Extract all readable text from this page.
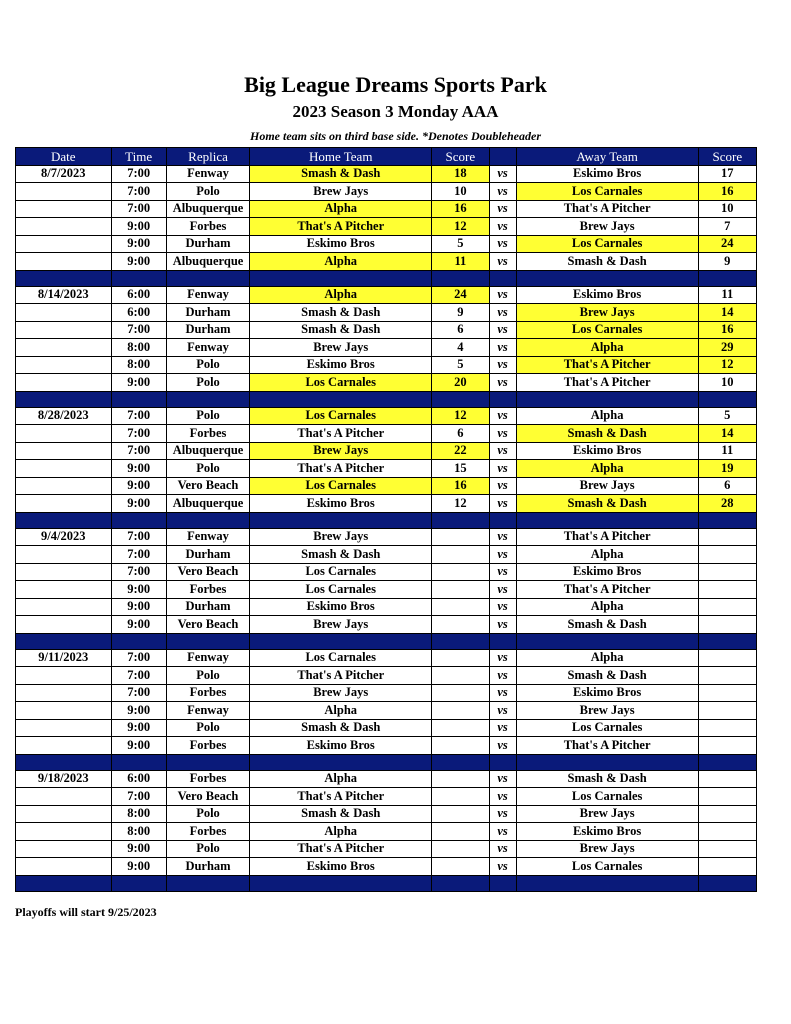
Big League Dreams Sports Park
2023 Season 3 Monday AAA
Home team sits on third base side. *Denotes Doubleheader
Date	Time	Replica	Home Team	Score		Away Team	Score
8/7/2023	7:00	Fenway	Smash & Dash	18	vs	Eskimo Bros	17
	7:00	Polo	Brew Jays	10	vs	Los Carnales	16
	7:00	Albuquerque	Alpha	16	vs	That's A Pitcher	10
	9:00	Forbes	That's A Pitcher	12	vs	Brew Jays	7
	9:00	Durham	Eskimo Bros	5	vs	Los Carnales	24
	9:00	Albuquerque	Alpha	11	vs	Smash & Dash	9

8/14/2023	6:00	Fenway	Alpha	24	vs	Eskimo Bros	11
	6:00	Durham	Smash & Dash	9	vs	Brew Jays	14
	7:00	Durham	Smash & Dash	6	vs	Los Carnales	16
	8:00	Fenway	Brew Jays	4	vs	Alpha	29
	8:00	Polo	Eskimo Bros	5	vs	That's A Pitcher	12
	9:00	Polo	Los Carnales	20	vs	That's A Pitcher	10

8/28/2023	7:00	Polo	Los Carnales	12	vs	Alpha	5
	7:00	Forbes	That's A Pitcher	6	vs	Smash & Dash	14
	7:00	Albuquerque	Brew Jays	22	vs	Eskimo Bros	11
	9:00	Polo	That's A Pitcher	15	vs	Alpha	19
	9:00	Vero Beach	Los Carnales	16	vs	Brew Jays	6
	9:00	Albuquerque	Eskimo Bros	12	vs	Smash & Dash	28

9/4/2023	7:00	Fenway	Brew Jays		vs	That's A Pitcher	
	7:00	Durham	Smash & Dash		vs	Alpha	
	7:00	Vero Beach	Los Carnales		vs	Eskimo Bros	
	9:00	Forbes	Los Carnales		vs	That's A Pitcher	
	9:00	Durham	Eskimo Bros		vs	Alpha	
	9:00	Vero Beach	Brew Jays		vs	Smash & Dash	

9/11/2023	7:00	Fenway	Los Carnales		vs	Alpha	
	7:00	Polo	That's A Pitcher		vs	Smash & Dash	
	7:00	Forbes	Brew Jays		vs	Eskimo Bros	
	9:00	Fenway	Alpha		vs	Brew Jays	
	9:00	Polo	Smash & Dash		vs	Los Carnales	
	9:00	Forbes	Eskimo Bros		vs	That's A Pitcher	

9/18/2023	6:00	Forbes	Alpha		vs	Smash & Dash	
	7:00	Vero Beach	That's A Pitcher		vs	Los Carnales	
	8:00	Polo	Smash & Dash		vs	Brew Jays	
	8:00	Forbes	Alpha		vs	Eskimo Bros	
	9:00	Polo	That's A Pitcher		vs	Brew Jays	
	9:00	Durham	Eskimo Bros		vs	Los Carnales	

Playoffs will start 9/25/2023
